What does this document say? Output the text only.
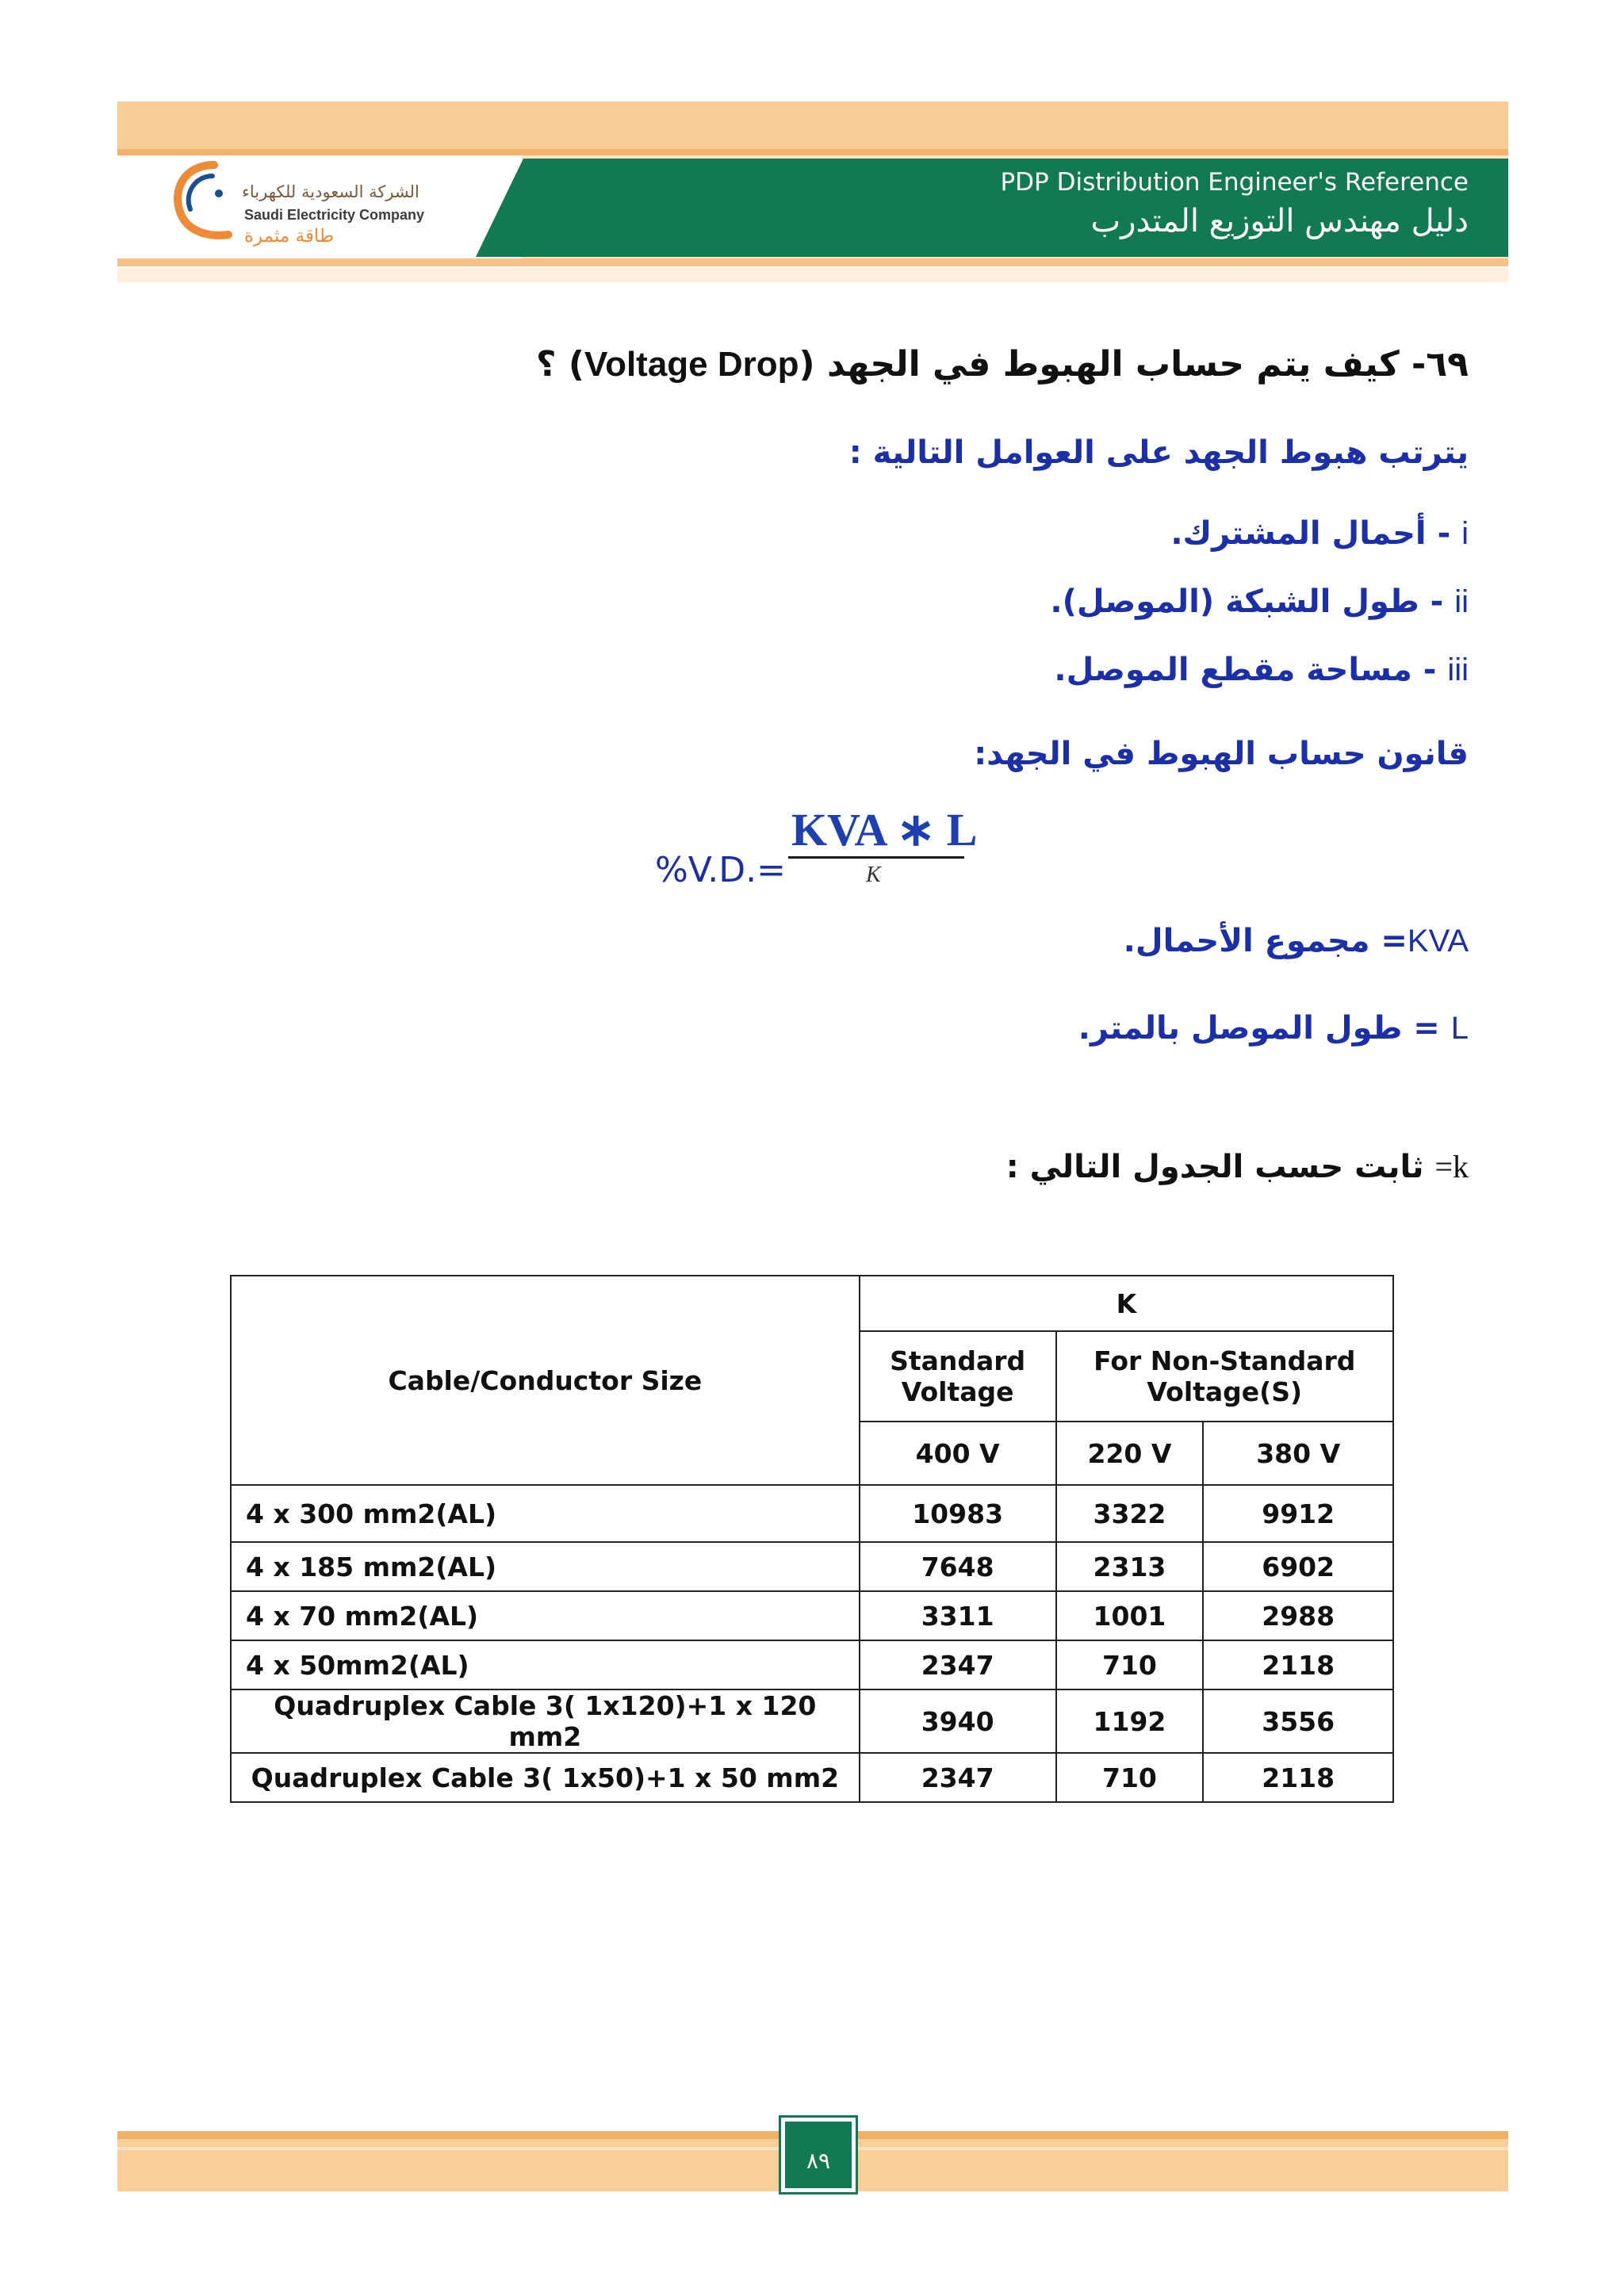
الشركة السعودية للكهرباء
Saudi Electricity Company
طاقة مثمرة
PDP Distribution Engineer's Reference
دليل مهندس التوزيع المتدرب
٦٩- كيف يتم حساب الهبوط في الجهد (Voltage Drop) ؟
يترتب هبوط الجهد على العوامل التالية :
i - أحمال المشترك.
ii - طول الشبكة (الموصل).
iii - مساحة مقطع الموصل.
قانون حساب الهبوط في الجهد:
%V.D.=
KVA ∗ L
K
KVA= مجموع الأحمال.
L = طول الموصل بالمتر.
=k ثابت حسب الجدول التالي :
Cable/Conductor Size	K		
	Standard Voltage	For Non-Standard Voltage(S)	
	400 V	220 V	380 V
4 x 300 mm2(AL)	10983	3322	9912
4 x 185 mm2(AL)	7648	2313	6902
4 x 70 mm2(AL)	3311	1001	2988
4 x 50mm2(AL)	2347	710	2118
Quadruplex Cable 3( 1x120)+1 x 120 mm2	3940	1192	3556
Quadruplex Cable 3( 1x50)+1 x 50 mm2	2347	710	2118
٨٩
